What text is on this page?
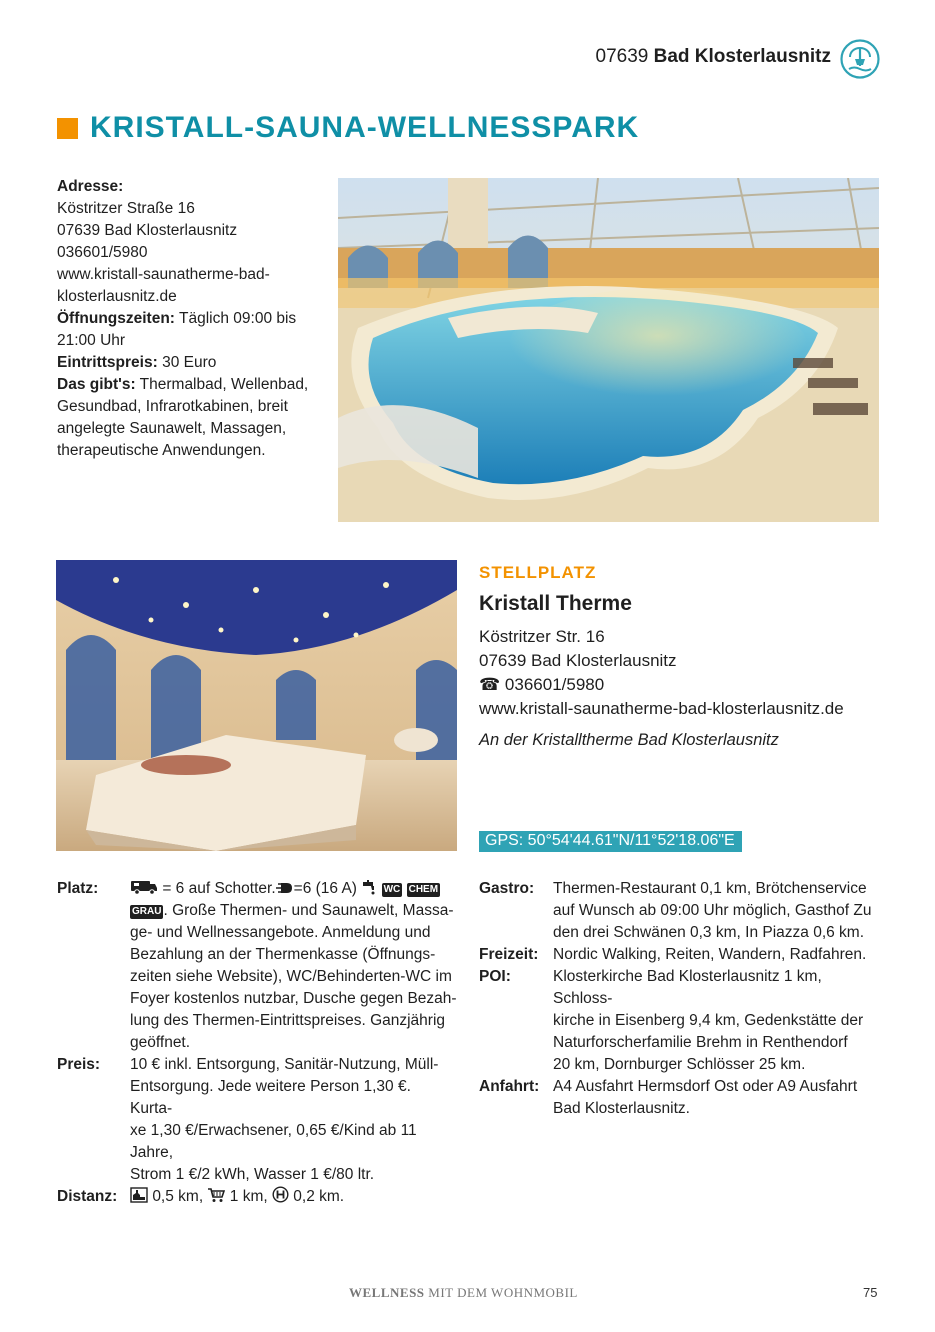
07639 Bad Klosterlausnitz
KRISTALL-SAUNA-WELLNESSPARK

Adresse:

Köstritzer Straße 16

07639 Bad Klosterlausnitz

036601/5980

www.kristall-saunatherme-bad-

klosterlausnitz.de

Öffnungszeiten: Täglich 09:00 bis

21:00 Uhr

Eintrittspreis: 30 Euro

Das gibt's: Thermalbad, Wellenbad,

Gesundbad, Infrarotkabinen, breit

angelegte Saunawelt, Massagen,

therapeutische Anwendungen.

STELLPLATZ
Kristall Therme

Köstritzer Str. 16

07639 Bad Klosterlausnitz

☎ 036601/5980

www.kristall-saunatherme-bad-klosterlausnitz.de

An der Kristalltherme Bad Klosterlausnitz
GPS: 50°54'44.61"N/11°52'18.06"E
Platz:	= 6 auf Schotter. =6 (16 A)	WC CHEM
GRAU . Große Thermen- und Saunawelt, Massa-
ge- und Wellnessangebote. Anmeldung und
Bezahlung an der Thermenkasse (Öffnungs-
zeiten siehe Website), WC/Behinderten-WC im
Foyer kostenlos nutzbar, Dusche gegen Bezah-
lung des Thermen-Eintrittspreises. Ganzjährig
geöffnet.
Preis:	10 € inkl. Entsorgung, Sanitär-Nutzung, Müll-
Entsorgung. Jede weitere Person 1,30 €. Kurta-
xe 1,30 €/Erwachsener, 0,65 €/Kind ab 11 Jahre,
Strom 1 €/2 kWh, Wasser 1 €/80 ltr.
Distanz:	0,5 km, 1 km, 0,2 km.
Gastro:	Thermen-Restaurant 0,1 km, Brötchenservice
auf Wunsch ab 09:00 Uhr möglich, Gasthof Zu
den drei Schwänen 0,3 km, In Piazza 0,6 km.
Freizeit: Nordic Walking, Reiten, Wandern, Radfahren.
POI:	Klosterkirche Bad Klosterlausnitz 1 km, Schloss-
kirche in Eisenberg 9,4 km, Gedenkstätte der
Naturforscherfamilie Brehm in Renthendorf
20 km, Dornburger Schlösser 25 km.
Anfahrt: A4 Ausfahrt Hermsdorf Ost oder A9 Ausfahrt
Bad Klosterlausnitz.
WELLNESS MIT DEM WOHNMOBIL	75
